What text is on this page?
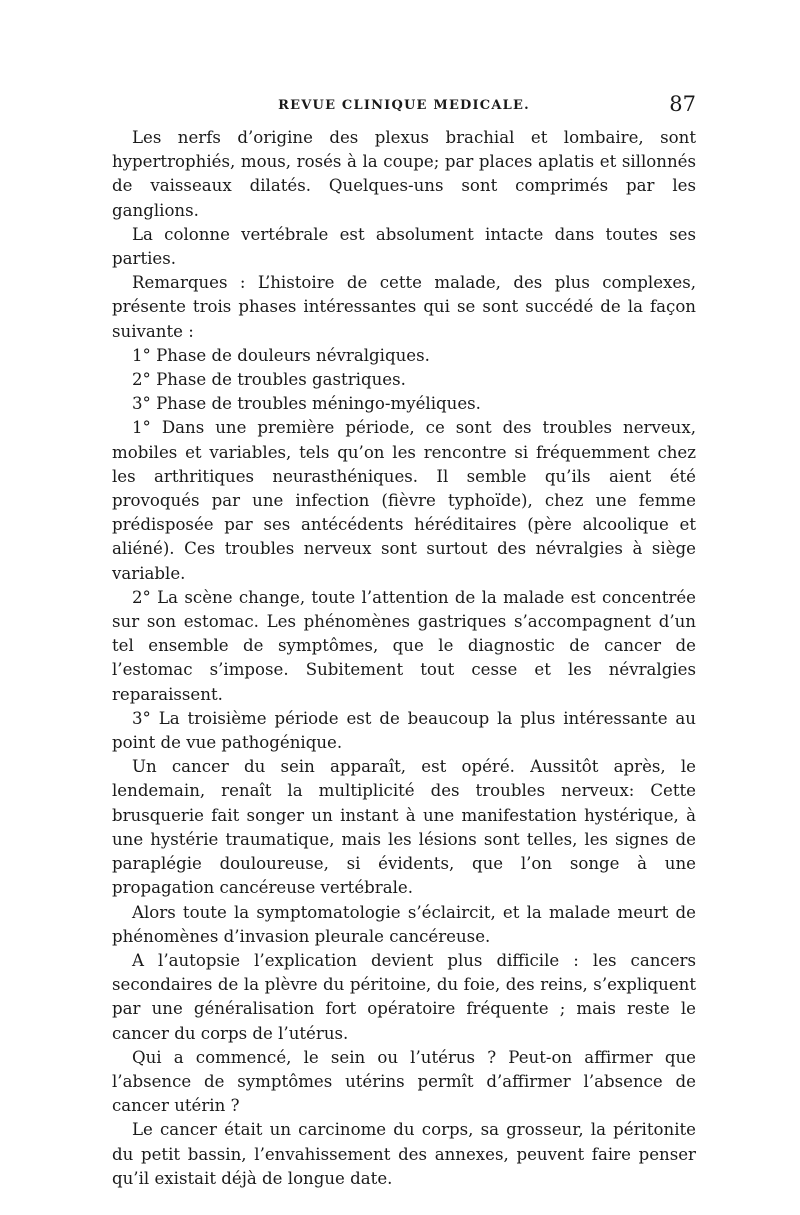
REVUE CLINIQUE MEDICALE.	87

Les nerfs d’origine des plexus brachial et lombaire, sont hypertrophiés, mous, rosés à la coupe; par places aplatis et sillonnés de vaisseaux dilatés. Quelques-uns sont comprimés par les ganglions.

La colonne vertébrale est absolument intacte dans toutes ses parties.

Remarques : L’histoire de cette malade, des plus complexes, présente trois phases intéressantes qui se sont succédé de la façon suivante :

1° Phase de douleurs névralgiques.

2° Phase de troubles gastriques.

3° Phase de troubles méningo-myéliques.

1° Dans une première période, ce sont des troubles nerveux, mobiles et variables, tels qu’on les rencontre si fréquemment chez les arthritiques neurasthéniques. Il semble qu’ils aient été provoqués par une infection (fièvre typhoïde), chez une femme prédisposée par ses antécédents héréditaires (père alcoolique et aliéné). Ces troubles nerveux sont surtout des névralgies à siège variable.

2° La scène change, toute l’attention de la malade est concentrée sur son estomac. Les phénomènes gastriques s’accompagnent d’un tel ensemble de symptômes, que le diagnostic de cancer de l’estomac s’impose. Subitement tout cesse et les névralgies reparaissent.

3° La troisième période est de beaucoup la plus intéressante au point de vue pathogénique.

Un cancer du sein apparaît, est opéré. Aussitôt après, le lendemain, renaît la multiplicité des troubles nerveux: Cette brusquerie fait songer un instant à une manifestation hystérique, à une hystérie traumatique, mais les lésions sont telles, les signes de paraplégie douloureuse, si évidents, que l’on songe à une propagation cancéreuse vertébrale.

Alors toute la symptomatologie s’éclaircit, et la malade meurt de phénomènes d’invasion pleurale cancéreuse.

A l’autopsie l’explication devient plus difficile : les cancers secondaires de la plèvre du péritoine, du foie, des reins, s’expliquent par une généralisation fort opératoire fréquente ; mais reste le cancer du corps de l’utérus.

Qui a commencé, le sein ou l’utérus ? Peut-on affirmer que l’absence de symptômes utérins permît d’affirmer l’absence de cancer utérin ?

Le cancer était un carcinome du corps, sa grosseur, la péritonite du petit bassin, l’envahissement des annexes, peuvent faire penser qu’il existait déjà de longue date.
